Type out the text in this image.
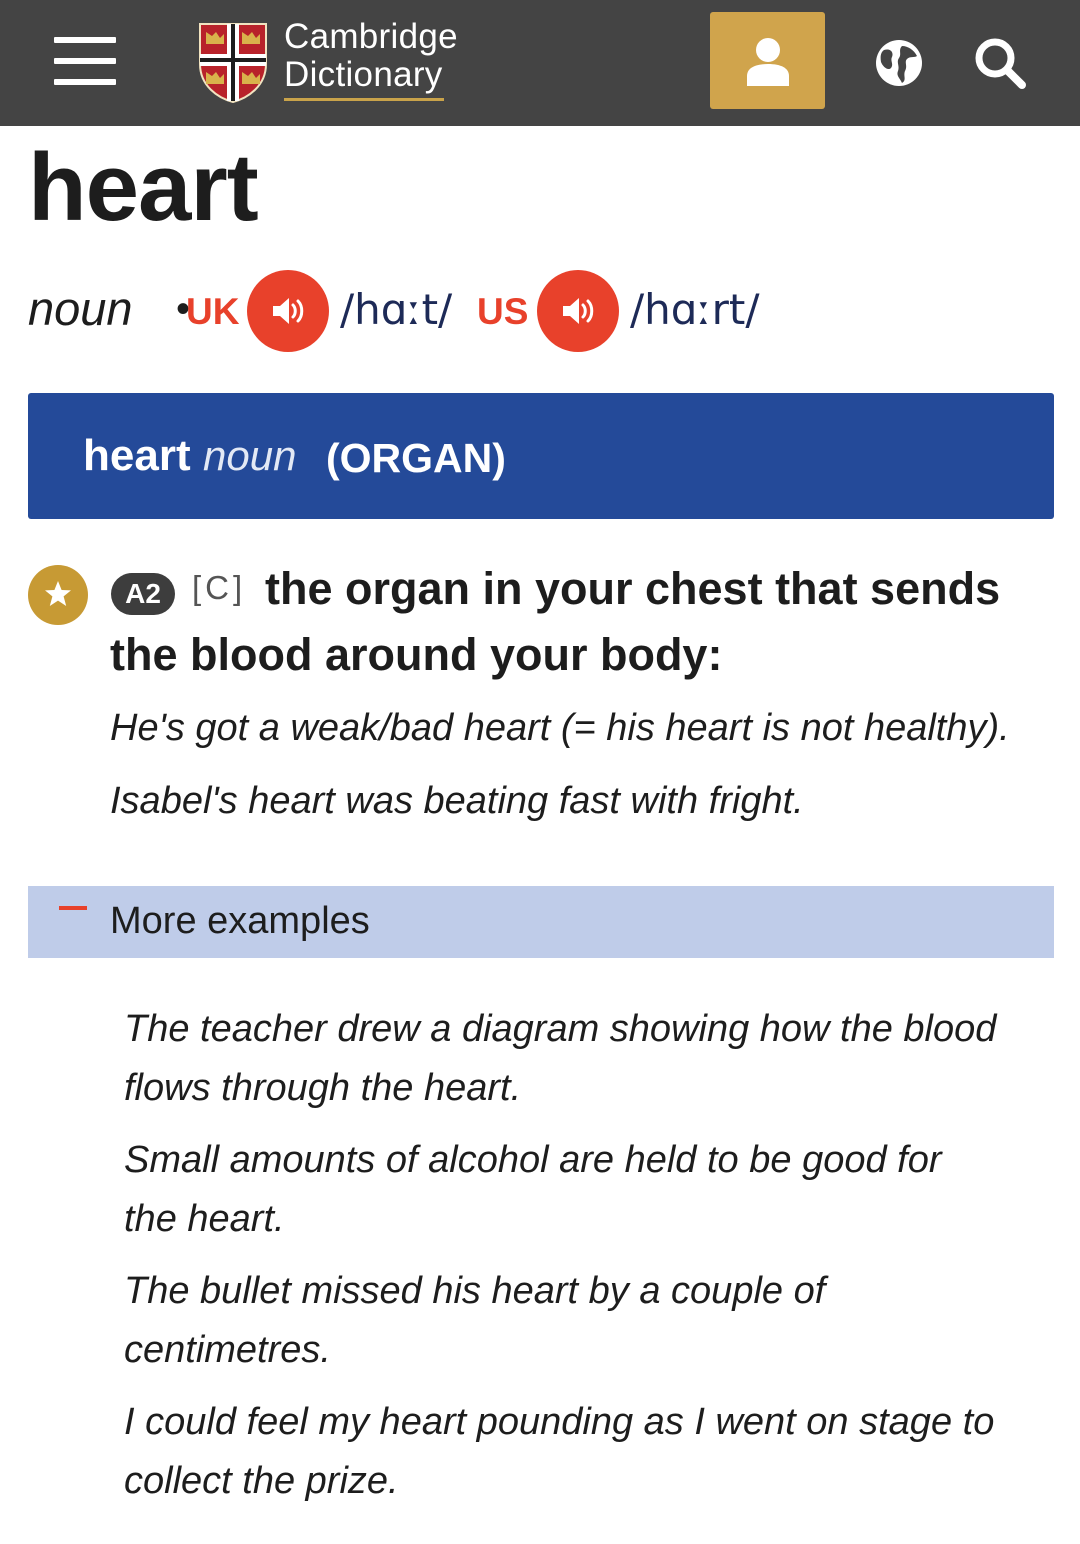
Cambridge
Dictionary
heart
noun •
UK /hɑːt/ US /hɑːrt/
heart noun (ORGAN)
A2 [C] the organ in your chest that sends the blood around your body:

He's got a weak/bad heart (= his heart is not healthy).
Isabel's heart was beating fast with fright.
More examples
The teacher drew a diagram showing how the blood flows through the heart.
Small amounts of alcohol are held to be good for the heart.
The bullet missed his heart by a couple of centimetres.
I could feel my heart pounding as I went on stage to collect the prize.
